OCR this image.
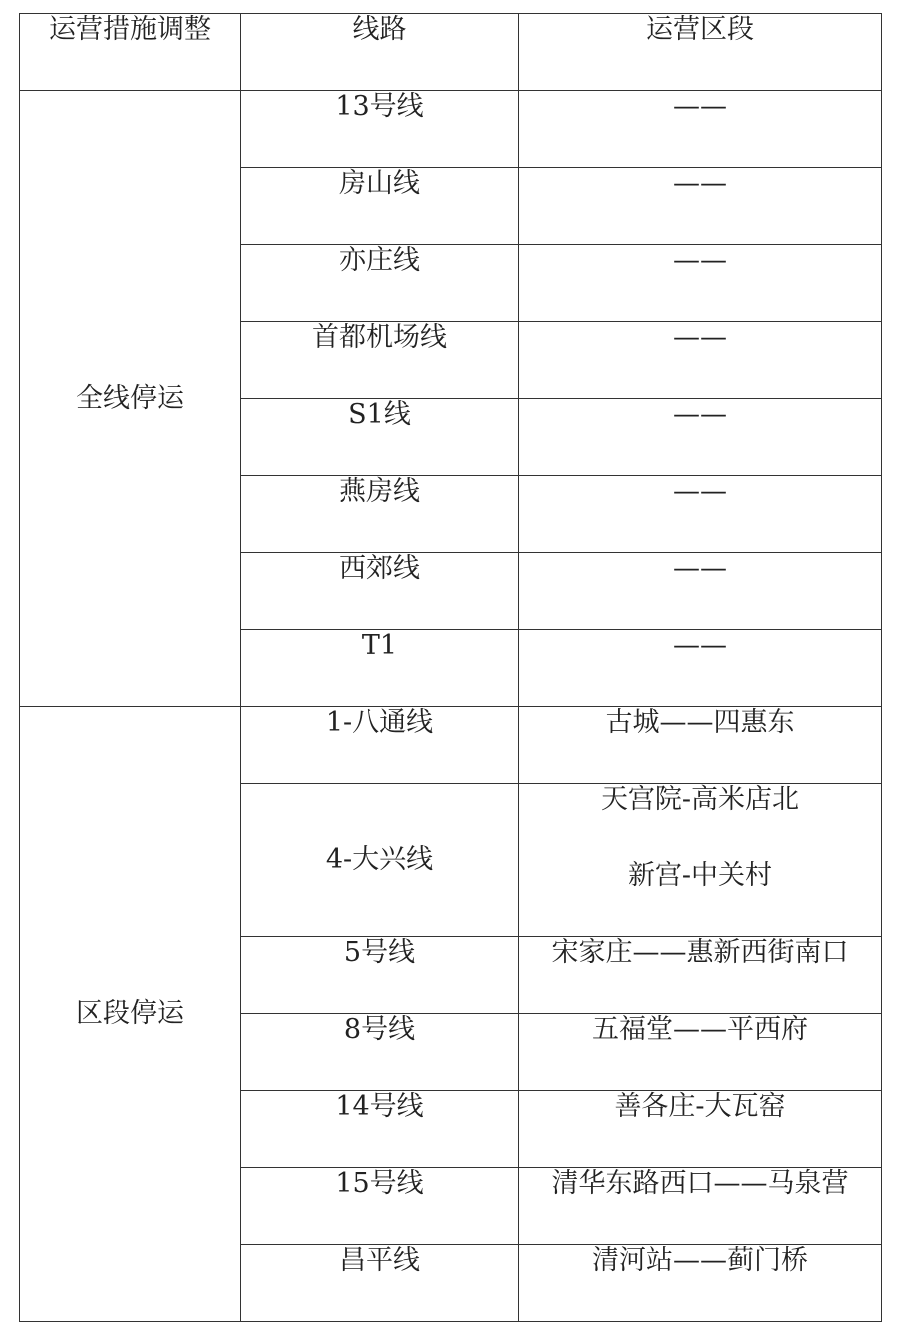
运营措施调整	线路	运营区段
全线停运	13号线	——
	房山线	——
	亦庄线	——
	首都机场线	——
	S1线	——
	燕房线	——
	西郊线	——
	T1	——
区段停运	1-八通线	古城——四惠东
	4-大兴线	天宫院-高米店北
新宫-中关村

	5号线	宋家庄——惠新西街南口
	8号线	五福堂——平西府
	14号线	善各庄-大瓦窑
	15号线	清华东路西口——马泉营
	昌平线	清河站——蓟门桥
